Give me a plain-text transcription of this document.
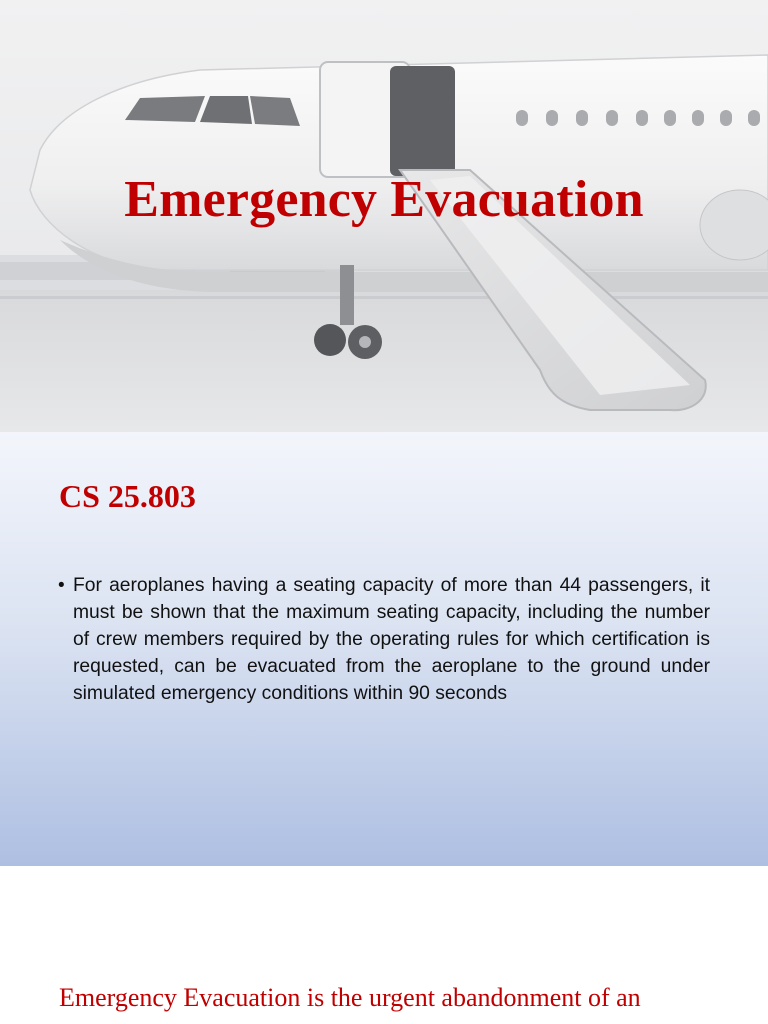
Emergency Evacuation
CS 25.803
• For aeroplanes having a seating capacity of more than 44 passengers, it must be shown that the maximum seating capacity, including the number of crew members required by the operating rules for which certification is requested, can be evacuated from the aeroplane to the ground under simulated emergency conditions within 90 seconds
Emergency Evacuation is the urgent abandonment of an
